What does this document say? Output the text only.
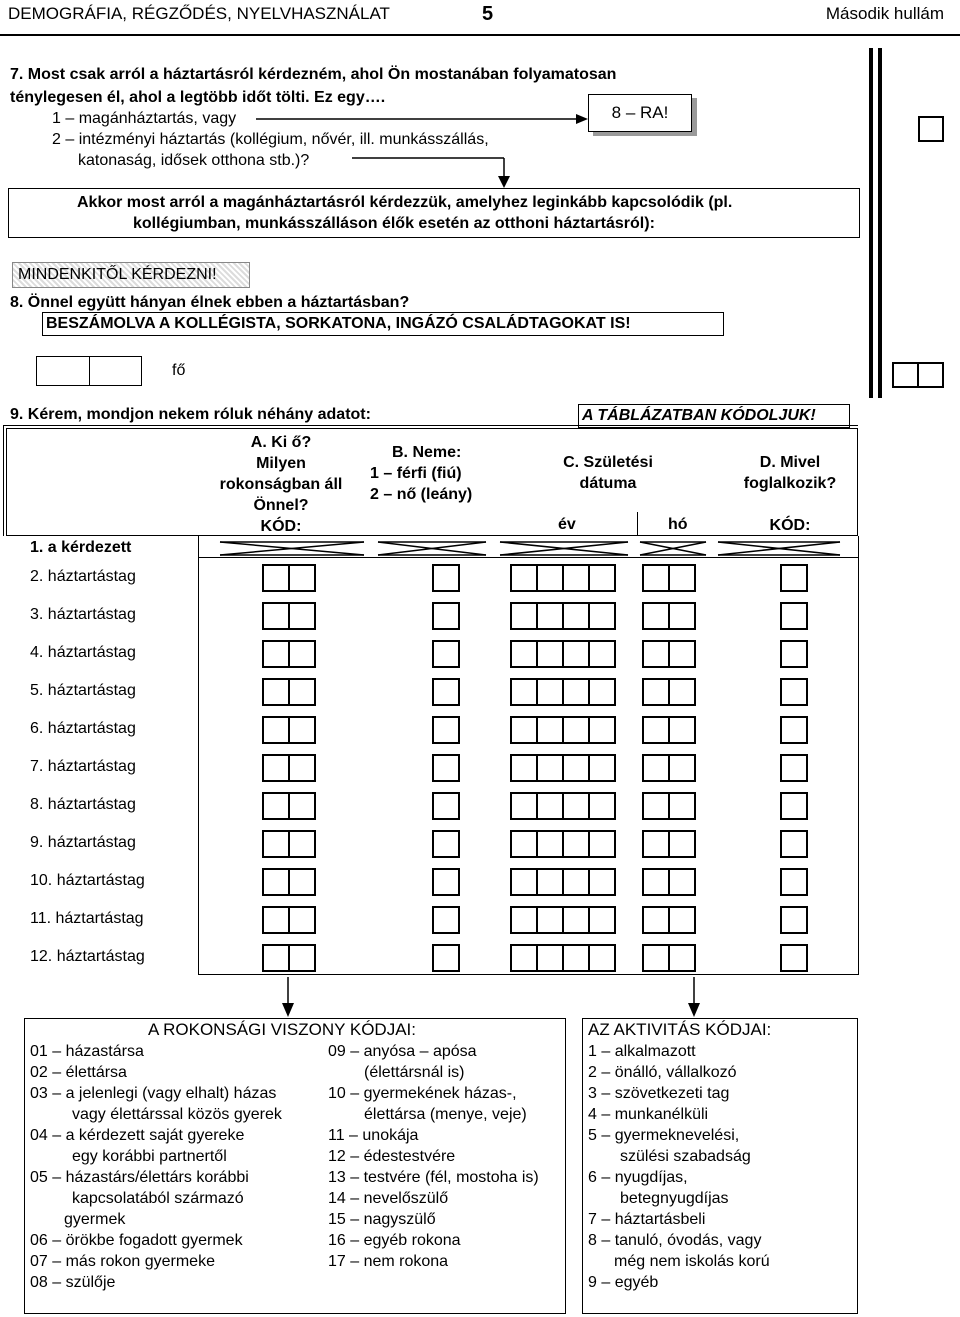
DEMOGRÁFIA, RÉGZŐDÉS, NYELVHASZNÁLAT	5	Második hullám
7. Most csak arról a háztartásról kérdezném, ahol Ön mostanában folyamatosan
ténylegesen él, ahol a legtöbb időt tölti. Ez egy….
1 – magánháztartás, vagy
2 – intézményi háztartás (kollégium, nővér, ill. munkásszállás,
katonaság, idősek otthona stb.)?
8 – RA!
Akkor most arról a magánháztartásról kérdezzük, amelyhez leginkább kapcsolódik (pl.
kollégiumban, munkásszálláson élők esetén az otthoni háztartásról):
MINDENKITŐL KÉRDEZNI!
8. Önnel együtt hányan élnek ebben a háztartásban?
BESZÁMOLVA A KOLLÉGISTA, SORKATONA, INGÁZÓ CSALÁDTAGOKAT IS!
fő
9. Kérem, mondjon nekem róluk néhány adatot:	A TÁBLÁZATBAN KÓDOLJUK!
A. Ki ő?
Milyen
rokonságban áll
Önnel?
KÓD:
B. Neme:
1 – férfi (fiú)
2 – nő (leány)
C. Születési
dátuma
év	hó
D. Mivel
foglalkozik?
KÓD:
1. a kérdezett
2. háztartástag
3. háztartástag
4. háztartástag
5. háztartástag
6. háztartástag
7. háztartástag
8. háztartástag
9. háztartástag
10. háztartástag
11. háztartástag
12. háztartástag
A ROKONSÁGI VISZONY KÓDJAI:
01 – házastársa
02 – élettársa
03 – a jelenlegi (vagy elhalt) házas
vagy élettárssal közös gyerek
04 – a kérdezett saját gyereke
egy korábbi partnertől
05 – házastárs/élettárs korábbi
kapcsolatából származó
gyermek
06 – örökbe fogadott gyermek
07 – más rokon gyermeke
08 – szülője
09 – anyósa – apósa
(élettársnál is)
10 – gyermekének házas-,
élettársa (menye, veje)
11 – unokája
12 – édestestvére
13 – testvére (fél, mostoha is)
14 – nevelőszülő
15 – nagyszülő
16 – egyéb rokona
17 – nem rokona
AZ AKTIVITÁS KÓDJAI:
1 – alkalmazott
2 – önálló, vállalkozó
3 – szövetkezeti tag
4 – munkanélküli
5 – gyermeknevelési,
szülési szabadság
6 – nyugdíjas,
betegnyugdíjas
7 – háztartásbeli
8 – tanuló, óvodás, vagy
még nem iskolás korú
9 – egyéb
